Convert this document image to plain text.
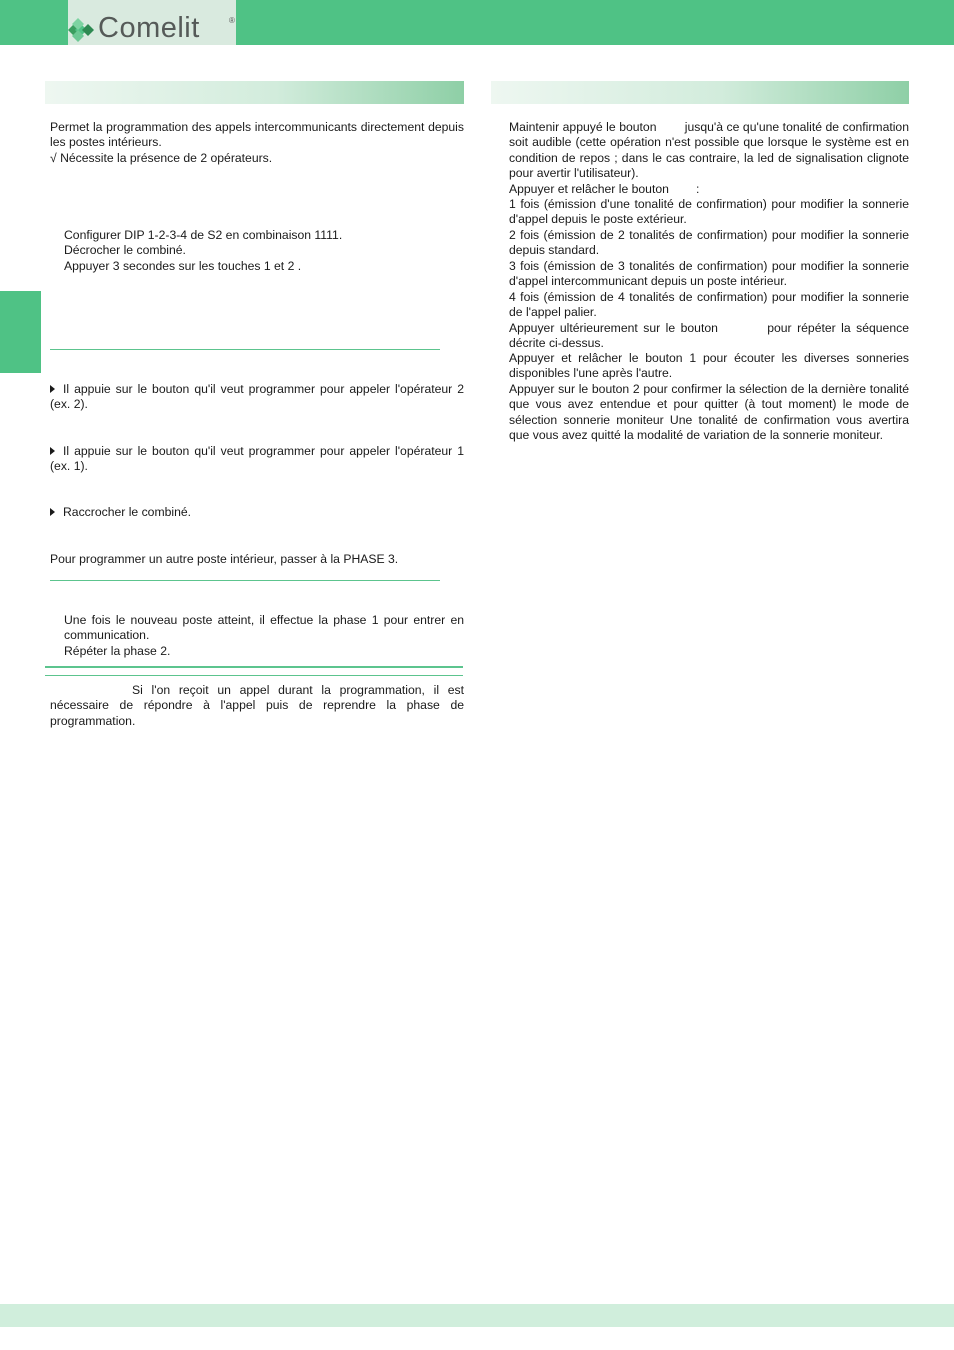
Comelit	®

Permet la programmation des appels intercommunicants directement depuis les postes intérieurs.

√ Nécessite la présence de 2 opérateurs.

Configurer DIP 1-2-3-4 de S2 en combinaison 1111.

Décrocher le combiné.

Appuyer 3 secondes sur les touches 1 et 2 .

Il appuie sur le bouton qu'il veut programmer pour appeler l'opérateur 2 (ex. 2).

Il appuie sur le bouton qu'il veut programmer pour appeler l'opérateur 1 (ex. 1).

Raccrocher le combiné.

Pour programmer un autre poste intérieur, passer à la PHASE 3.

Une fois le nouveau poste atteint, il effectue la phase 1 pour entrer en communication.

Répéter la phase 2.

Si l'on reçoit un appel durant la programmation, il est nécessaire de répondre à l'appel puis de reprendre la phase de programmation.

Maintenir appuyé le bouton        jusqu'à ce qu'une tonalité de confirmation soit audible (cette opération n'est possible que lorsque le système est en condition de repos ; dans le cas contraire, la led de signalisation clignote pour avertir l'utilisateur).

Appuyer et relâcher le bouton        :

1 fois (émission d'une tonalité de confirmation) pour modifier la sonnerie d'appel depuis le poste extérieur.

2 fois (émission de 2 tonalités de confirmation) pour modifier la sonnerie depuis standard.

3 fois (émission de 3 tonalités de confirmation) pour modifier la sonnerie d'appel intercommunicant depuis un poste intérieur.

4 fois (émission de 4 tonalités de confirmation) pour modifier la sonnerie de l'appel palier.

Appuyer ultérieurement sur le bouton         pour répéter la séquence décrite ci-dessus.

Appuyer et relâcher le bouton 1 pour écouter les diverses sonneries disponibles l'une après l'autre.

Appuyer sur le bouton 2 pour confirmer la sélection de la dernière tonalité que vous avez entendue et pour quitter (à tout moment) le mode de sélection sonnerie moniteur Une tonalité de confirmation vous avertira que vous avez quitté la modalité de variation de la sonnerie moniteur.
